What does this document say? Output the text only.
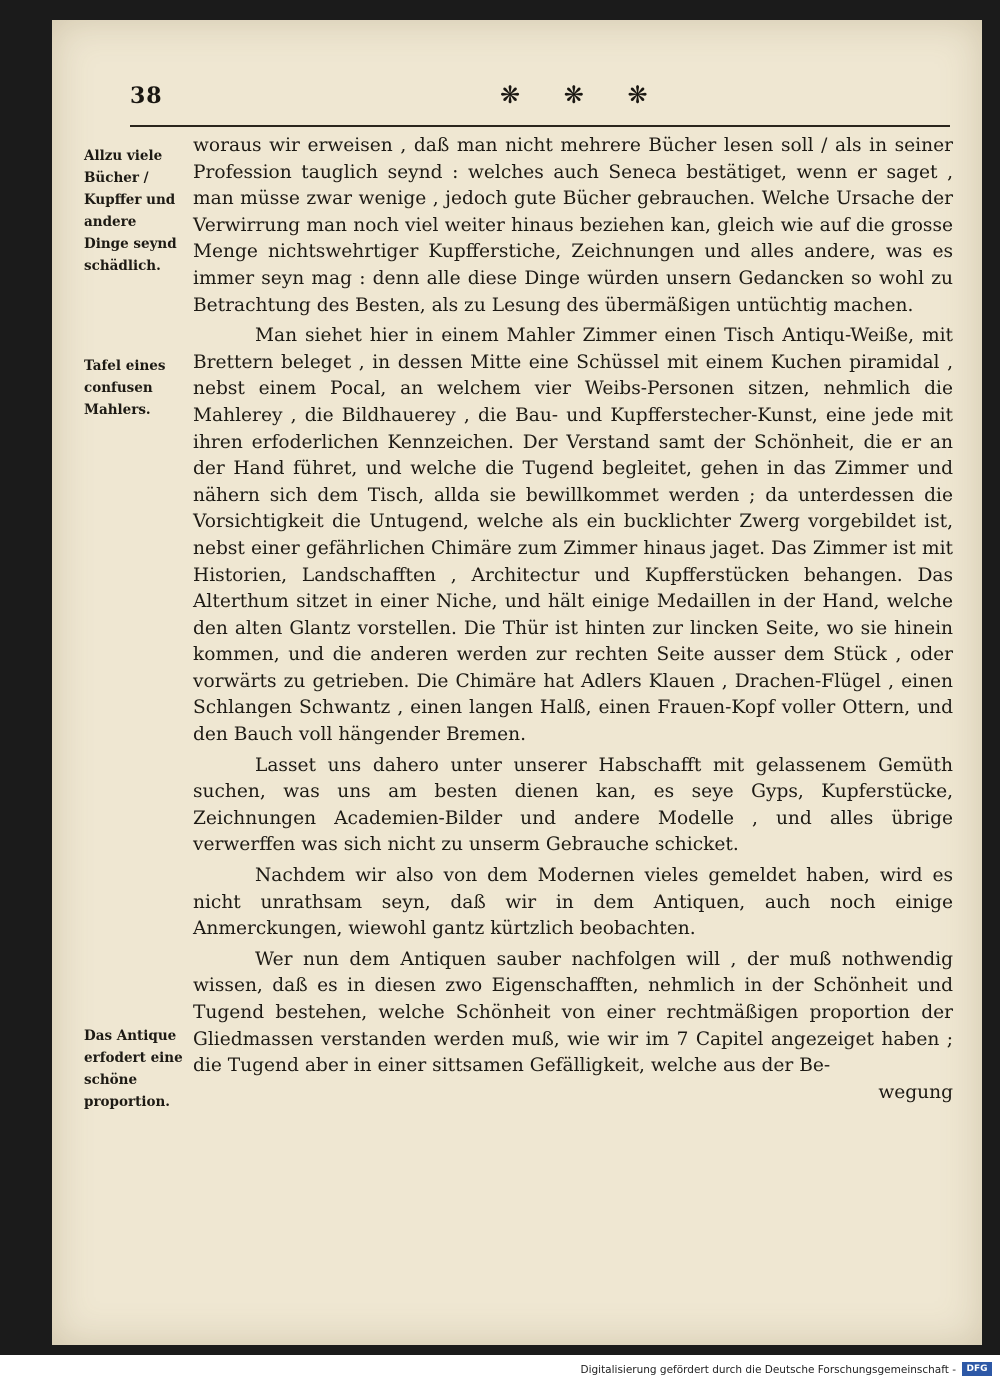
38	❋ ❋ ❋
Allzu viele Bücher / Kupffer und andere Dinge seynd schädlich.
Tafel eines confusen Mahlers.
Das Antique erfodert eine schöne proportion.

woraus wir erweisen , daß man nicht mehrere Bücher lesen soll / als in seiner Profession tauglich seynd : welches auch Seneca bestätiget, wenn er saget , man müsse zwar wenige , jedoch gute Bücher gebrauchen. Welche Ursache der Verwirrung man noch viel weiter hinaus beziehen kan, gleich wie auf die grosse Menge nichtswehrtiger Kupfferstiche, Zeichnungen und alles andere, was es immer seyn mag : denn alle diese Dinge würden unsern Gedancken so wohl zu Betrachtung des Besten, als zu Lesung des übermäßigen untüchtig machen.

Man siehet hier in einem Mahler Zimmer einen Tisch Antiqu-Weiße, mit Brettern beleget , in dessen Mitte eine Schüssel mit einem Kuchen piramidal , nebst einem Pocal, an welchem vier Weibs-Personen sitzen, nehmlich die Mahlerey , die Bildhauerey , die Bau- und Kupfferstecher-Kunst, eine jede mit ihren erfoderlichen Kennzeichen. Der Verstand samt der Schönheit, die er an der Hand führet, und welche die Tugend begleitet, gehen in das Zimmer und nähern sich dem Tisch, allda sie bewillkommet werden ; da unterdessen die Vorsichtigkeit die Untugend, welche als ein bucklichter Zwerg vorgebildet ist, nebst einer gefährlichen Chimäre zum Zimmer hinaus jaget. Das Zimmer ist mit Historien, Landschafften , Architectur und Kupfferstücken behangen. Das Alterthum sitzet in einer Niche, und hält einige Medaillen in der Hand, welche den alten Glantz vorstellen. Die Thür ist hinten zur lincken Seite, wo sie hinein kommen, und die anderen werden zur rechten Seite ausser dem Stück , oder vorwärts zu getrieben. Die Chimäre hat Adlers Klauen , Drachen-Flügel , einen Schlangen Schwantz , einen langen Halß, einen Frauen-Kopf voller Ottern, und den Bauch voll hängender Bremen.

Lasset uns dahero unter unserer Habschafft mit gelassenem Gemüth suchen, was uns am besten dienen kan, es seye Gyps, Kupferstücke, Zeichnungen Academien-Bilder und andere Modelle , und alles übrige verwerffen was sich nicht zu unserm Gebrauche schicket.

Nachdem wir also von dem Modernen vieles gemeldet haben, wird es nicht unrathsam seyn, daß wir in dem Antiquen, auch noch einige Anmerckungen, wiewohl gantz kürtzlich beobachten.

Wer nun dem Antiquen sauber nachfolgen will , der muß nothwendig wissen, daß es in diesen zwo Eigenschafften, nehmlich in der Schönheit und Tugend bestehen, welche Schönheit von einer rechtmäßigen proportion der Gliedmassen verstanden werden muß, wie wir im 7 Capitel angezeiget haben ; die Tugend aber in einer sittsamen Gefälligkeit, welche aus der Be-

wegung

Digitalisierung gefördert durch die Deutsche Forschungsgemeinschaft -	DFG
